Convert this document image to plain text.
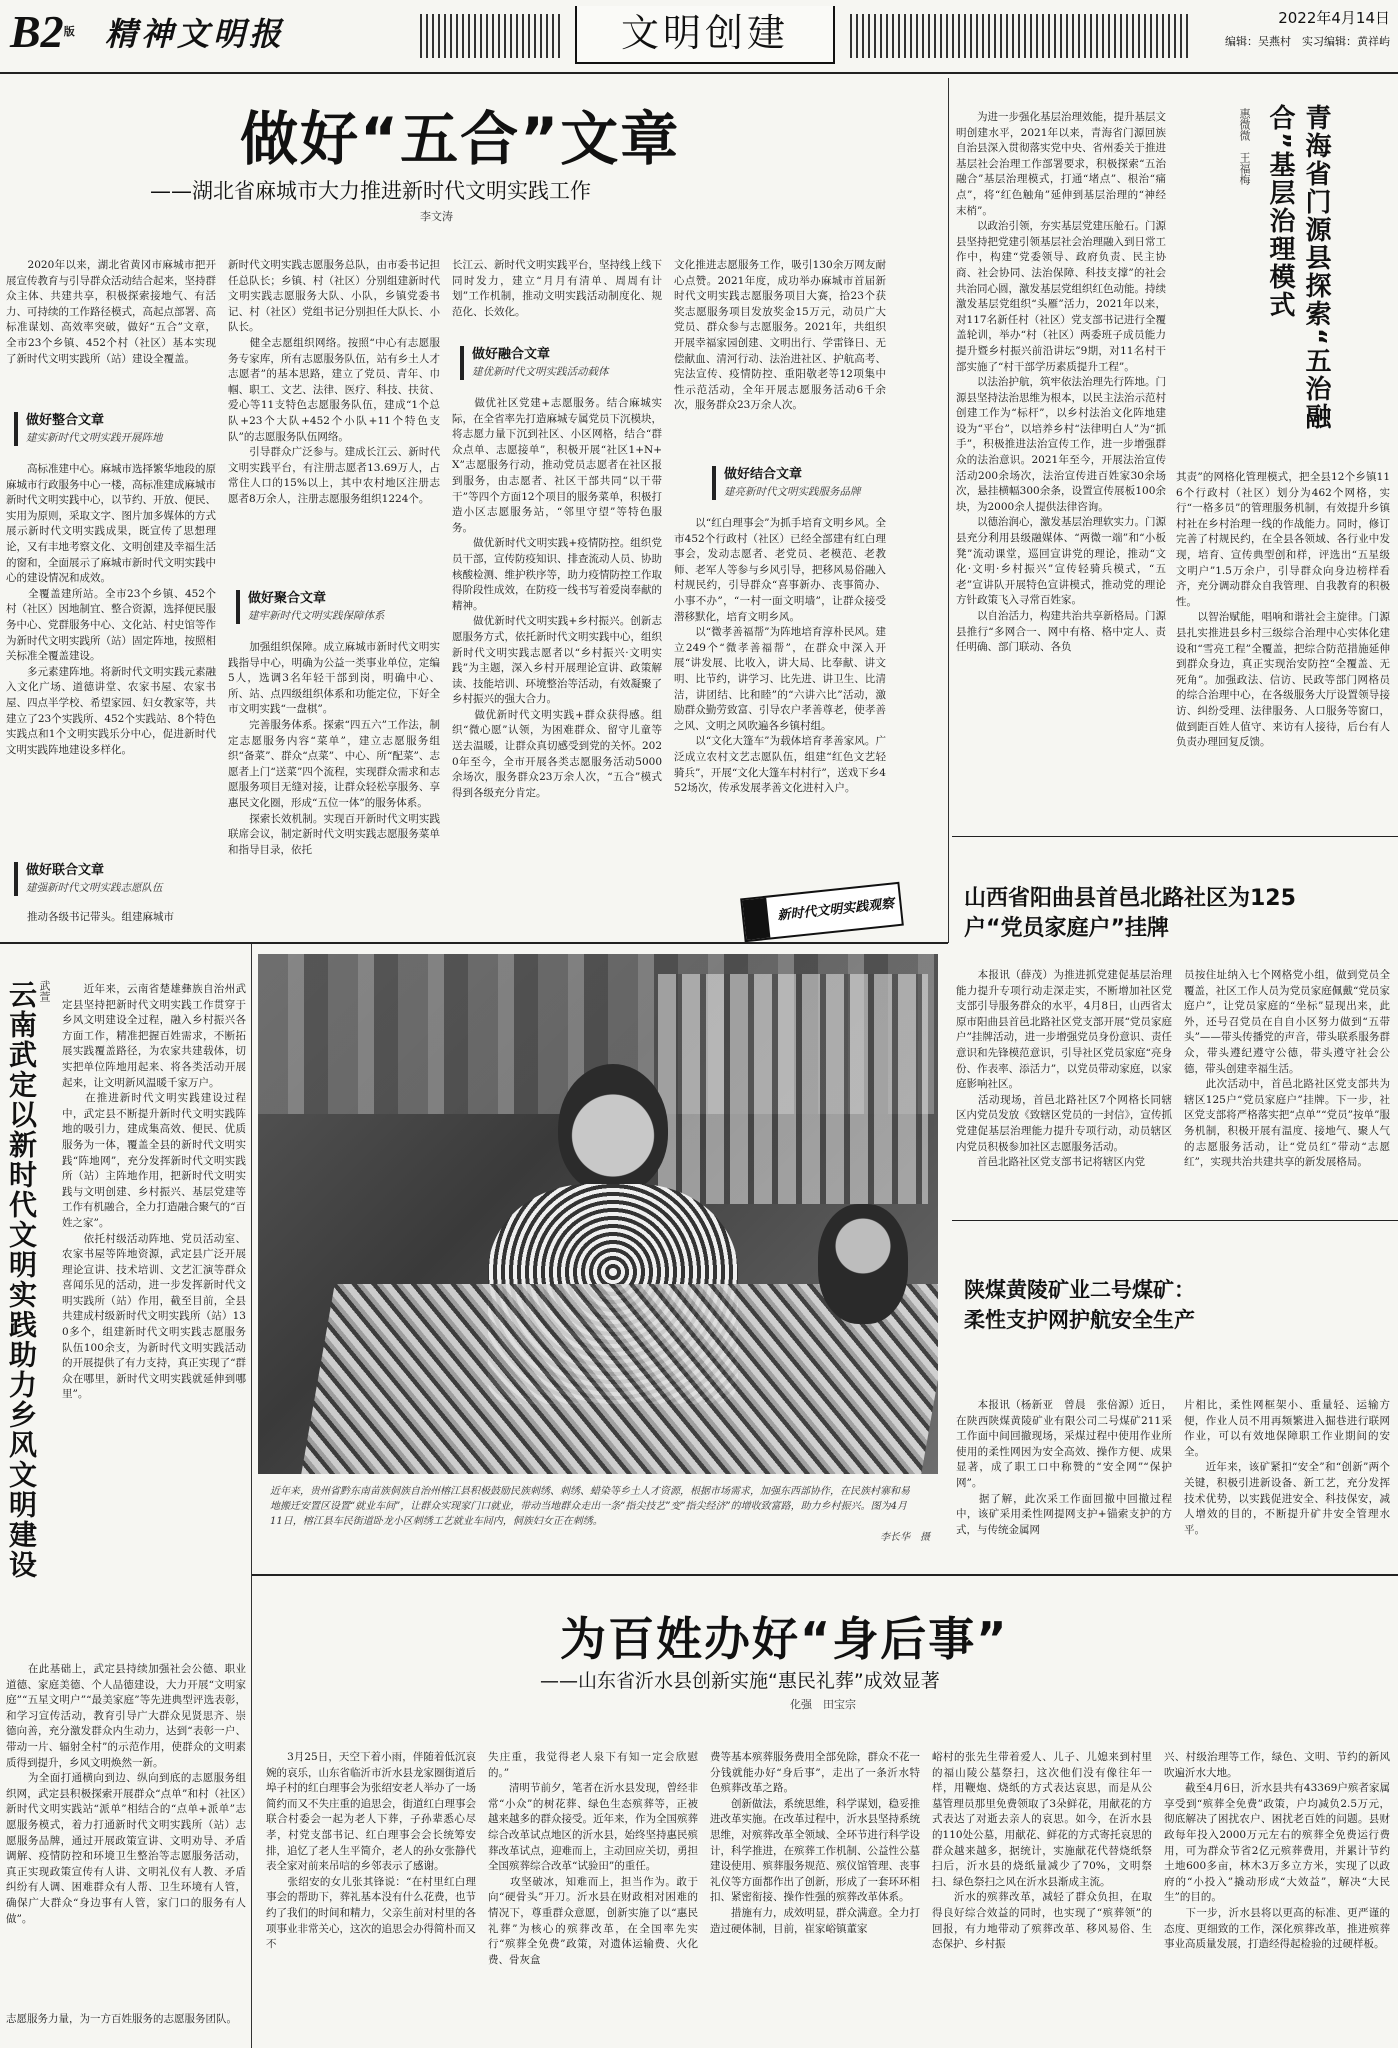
B2版 精神文明报	文明创建	2022年4月14日
编辑：吴燕村　实习编辑：黄祥屿
做好“五合”文章
——湖北省麻城市大力推进新时代文明实践工作
李文涛
　　2020年以来，湖北省黄冈市麻城市把开展宣传教育与引导群众活动结合起来，坚持群众主体、共建共享，积极探索接地气、有活力、可持续的工作路径模式，高起点部署、高标准谋划、高效率突破，做好“五合”文章，全市23个乡镇、452个村（社区）基本实现了新时代文明实践所（站）建设全覆盖。
做好整合文章
建实新时代文明实践开展阵地
　　高标准建中心。麻城市选择繁华地段的原麻城市行政服务中心一楼，高标准建成麻城市新时代文明实践中心，以节约、开放、便民、实用为原则，采取文字、图片加多媒体的方式展示新时代文明实践成果，既宣传了思想理论，又有丰地考察文化、文明创建及幸福生活的窗和，全面展示了麻城市新时代文明实践中心的建设情况和成效。
　　全覆盖建所站。全市23个乡镇、452个村（社区）因地制宜、整合资源，选择便民服务中心、党群服务中心、文化站、村史馆等作为新时代文明实践所（站）固定阵地，按照相关标准全覆盖建设。
　　多元素建阵地。将新时代文明实践元素融入文化广场、道德讲堂、农家书屋、农家书屋、四点半学校、希望家园、妇女教家等，共建立了23个实践所、452个实践站、8个特色实践点和1个文明实践乐分中心，促进新时代文明实践阵地建设多样化。
做好联合文章
建强新时代文明实践志愿队伍
　　推动各级书记带头。组建麻城市
新时代文明实践志愿服务总队，由市委书记担任总队长；乡镇、村（社区）分别组建新时代文明实践志愿服务大队、小队，乡镇党委书记、村（社区）党组书记分别担任大队长、小队长。
　　健全志愿组织网络。按照“中心有志愿服务专家库，所有志愿服务队伍，站有乡土人才志愿者”的基本思路，建立了党员、青年、巾帼、职工、文艺、法律、医疗、科技、扶贫、爱心等11支特色志愿服务队伍，建成“1个总队+23个大队+452个小队+11个特色支队”的志愿服务队伍网络。
　　引导群众广泛参与。建成长江云、新时代文明实践平台，有注册志愿者13.69万人，占常住人口的15%以上，其中农村地区注册志愿者8万余人，注册志愿服务组织1224个。
做好聚合文章
建牢新时代文明实践保障体系
　　加强组织保障。成立麻城市新时代文明实践指导中心，明确为公益一类事业单位，定编5人，选调3名年轻干部到岗，明确中心、所、站、点四级组织体系和功能定位，下好全市文明实践“一盘棋”。
　　完善服务体系。探索“四五六”工作法，制定志愿服务内容“菜单”，建立志愿服务组织“备菜”、群众“点菜”、中心、所“配菜”、志愿者上门“送菜”四个流程，实现群众需求和志愿服务项目无缝对接，让群众轻松享服务、享惠民文化圈，形成“五位一体”的服务体系。
　　探索长效机制。实现百开新时代文明实践联席会议，制定新时代文明实践志愿服务菜单和指导目录，依托
长江云、新时代文明实践平台，坚持线上线下同时发力，建立“月月有清单、周周有计划”工作机制，推动文明实践活动制度化、规范化、长效化。
做好融合文章
建优新时代文明实践活动载体
　　做优社区党建+志愿服务。结合麻城实际，在全省率先打造麻城专属党员下沉模块，将志愿力量下沉到社区、小区网格，结合“群众点单、志愿接单”，积极开展“社区1+N+X”志愿服务行动，推动党员志愿者在社区报到服务，由志愿者、社区干部共同“以干带干”等四个方面12个项目的服务菜单，积极打造小区志愿服务站，“邻里守望”等特色服务。
　　做优新时代文明实践+疫情防控。组织党员干部，宣传防疫知识、排查流动人员、协助核酸检测、维护秩序等，助力疫情防控工作取得阶段性成效，在防疫一线书写着爱岗奉献的精神。
　　做优新时代文明实践+乡村振兴。创新志愿服务方式，依托新时代文明实践中心，组织新时代文明实践志愿者以“乡村振兴·文明实践”为主题，深入乡村开展理论宣讲、政策解读、技能培训、环境整治等活动，有效凝聚了乡村振兴的强大合力。
　　做优新时代文明实践+群众获得感。组织“微心愿”认领，为困难群众、留守儿童等送去温暖，让群众真切感受到党的关怀。2020年至今，全市开展各类志愿服务活动5000余场次，服务群众23万余人次，“五合”模式得到各级充分肯定。
文化推进志愿服务工作，吸引130余万网友耐心点赞。2021年度，成功举办麻城市首届新时代文明实践志愿服务项目大赛，拾23个获奖志愿服务项目发放奖金15万元，动员广大党员、群众参与志愿服务。2021年，共组织开展幸福家园创建、文明出行、学雷锋日、无偿献血、清河行动、法治进社区、护航高考、宪法宣传、疫情防控、重阳敬老等12项集中性示范活动，全年开展志愿服务活动6千余次，服务群众23万余人次。
做好结合文章
建亮新时代文明实践服务品牌
　　以“红白理事会”为抓手培育文明乡风。全市452个行政村（社区）已经全部建有红白理事会，发动志愿者、老党员、老模范、老教师、老军人等参与乡风引导，把移风易俗融入村规民约，引导群众“喜事新办、丧事简办、小事不办”，“一村一面文明墙”，让群众接受潜移默化，培育文明乡风。
　　以“微孝善福帮”为阵地培育淳朴民风。建立249个“微孝善福帮”，在群众中深入开展“讲发展、比收入，讲大局、比奉献、讲文明、比节约，讲学习、比先进、讲卫生、比清洁，讲团结、比和睦”的“六讲六比”活动，激励群众勤劳致富、引导农户孝善尊老，使孝善之风、文明之风吹遍各乡镇村组。
　　以“文化大篷车”为载体培育孝善家风。广泛成立农村文艺志愿队伍，组建“红色文艺轻骑兵”，开展“文化大篷车村村行”，送戏下乡452场次，传承发展孝善文化进村入户。
新时代文明实践观察
青海省门源县探索“五治融合”基层治理模式
惠微微　王福梅
　　为进一步强化基层治理效能，提升基层文明创建水平，2021年以来，青海省门源回族自治县深入贯彻落实党中央、省州委关于推进基层社会治理工作部署要求，积极探索“五治融合”基层治理模式，打通“堵点”、根治“痛点”，将“红色触角”延伸到基层治理的“神经末梢”。
　　以政治引领，夯实基层党建压舱石。门源县坚持把党建引领基层社会治理融入到日常工作中，构建“党委领导、政府负责、民主协商、社会协同、法治保障、科技支撑”的社会共治同心圆，激发基层党组织红色动能。持续激发基层党组织“头雁”活力，2021年以来，对117名新任村（社区）党支部书记进行全覆盖轮训，举办“村（社区）两委班子成员能力提升暨乡村振兴前沿讲坛”9期，对11名村干部实施了“村干部学历素质提升工程”。
　　以法治护航，筑牢依法治理先行阵地。门源县坚持法治思维为根本，以民主法治示范村创建工作为“标杆”，以乡村法治文化阵地建设为“平台”，以培养乡村“法律明白人”为“抓手”，积极推进法治宣传工作，进一步增强群众的法治意识。2021年至今，开展法治宣传活动200余场次，法治宣传进百姓家30余场次，悬挂横幅300余条，设置宣传展板100余块，为2000余人提供法律咨询。
　　以德治润心，激发基层治理软实力。门源县充分利用县级融媒体、“两微一端”和“小板凳”流动课堂，巡回宣讲党的理论，推动“文化·文明·乡村振兴”宣传轻骑兵模式，“五老”宣讲队开展特色宣讲模式，推动党的理论方针政策飞入寻常百姓家。
　　以自治活力，构建共治共享新格局。门源县推行“多网合一、网中有格、格中定人、责任明确、部门联动、各负
其责”的网格化管理模式，把全县12个乡镇116个行政村（社区）划分为462个网格，实行“一格多员”的管理服务机制，有效提升乡镇村社在乡村治理一线的作战能力。同时，修订完善了村规民约，在全县各领域、各行业中发现，培育、宣传典型创和样，评选出“五星级文明户”1.5万余户，引导群众向身边榜样看齐，充分调动群众自我管理、自我教育的积极性。
　　以智治赋能，唱响和谐社会主旋律。门源县扎实推进县乡村三级综合治理中心实体化建设和“雪亮工程”全覆盖，把综合防范措施延伸到群众身边，真正实现治安防控“全覆盖、无死角”。加强政法、信访、民政等部门网格员的综合治理中心，在各级服务大厅设置领导接访、纠纷受理、法律服务、人口服务等窗口，做到距百姓人值守、来访有人接待，后台有人负责办理回复反馈。
山西省阳曲县首邑北路社区为125户“党员家庭户”挂牌
　　本报讯（薛茂）为推进抓党建促基层治理能力提升专项行动走深走实，不断增加社区党支部引导服务群众的水平，4月8日，山西省太原市阳曲县首邑北路社区党支部开展“党员家庭户”挂牌活动，进一步增强党员身份意识、责任意识和先锋模范意识，引导社区党员家庭“亮身份、作表率、添活力”，以党员带动家庭，以家庭影响社区。
　　活动现场，首邑北路社区7个网格长同辖区内党员发放《致辖区党员的一封信》，宣传抓党建促基层治理能力提升专项行动，动员辖区内党员积极参加社区志愿服务活动。
　　首邑北路社区党支部书记将辖区内党
员按住址纳入七个网格党小组，做到党员全覆盖，社区工作人员为党员家庭佩戴“党员家庭户”，让党员家庭的“坐标”显现出来，此外，还号召党员在自自小区努力做到“五带头”——带头传播党的声音，带头联系服务群众，带头遵纪遵守公德，带头遵守社会公德，带头创建幸福生活。
　　此次活动中，首邑北路社区党支部共为辖区125户“党员家庭户”挂牌。下一步，社区党支部将严格落实把“点单”“党员”按单”服务机制，积极开展有温度、接地气、聚人气的志愿服务活动，让“党员红”带动“志愿红”，实现共治共建共享的新发展格局。
陕煤黄陵矿业二号煤矿：
柔性支护网护航安全生产
　　本报讯（杨新亚　曾晨　张倍源）近日，在陕西陕煤黄陵矿业有限公司二号煤矿211采工作面中间回撤现场，采煤过程中使用作业所使用的柔性网因为安全高效、操作方便、成果显著，成了职工口中称赞的“安全网”“保护网”。
　　据了解，此次采工作面回撤中回撤过程中，该矿采用柔性网提网支护+锚索支护的方式，与传统金属网
片相比，柔性网框架小、重量轻、运输方便，作业人员不用再频繁进入掘巷进行联网作业，可以有效地保障职工作业期间的安全。
　　近年来，该矿紧扣“安全”和“创新”两个关键，积极引进新设备、新工艺，充分发挥技术优势，以实践促进安全、科技保安，减人增效的目的，不断提升矿井安全管理水平。
云南武定以新时代文明实践助力乡风文明建设 武萱	　　近年来，云南省楚雄彝族自治州武定县坚持把新时代文明实践工作贯穿于乡风文明建设全过程，融入乡村振兴各方面工作，精准把握百姓需求，不断拓展实践覆盖路径，为农家共建载体，切实把单位阵地用起来、将各类活动开展起来，让文明新风温暖千家万户。
　　在推进新时代文明实践建设过程中，武定县不断提升新时代文明实践阵地的吸引力，建成集高效、便民、优质服务为一体，覆盖全县的新时代文明实践“阵地网”，充分发挥新时代文明实践所（站）主阵地作用，把新时代文明实践与文明创建、乡村振兴、基层党建等工作有机融合，全力打造融合聚气的“百姓之家”。
　　依托村级活动阵地、党员活动室、农家书屋等阵地资源，武定县广泛开展理论宣讲、技术培训、文艺汇演等群众喜闻乐见的活动，进一步发挥新时代文明实践所（站）作用，截至目前，全县共建成村级新时代文明实践所（站）130多个，组建新时代文明实践志愿服务队伍100余支，为新时代文明实践活动的开展提供了有力支持，真正实现了“群众在哪里，新时代文明实践就延伸到哪里”。
　　在此基础上，武定县持续加强社会公德、职业道德、家庭美德、个人品德建设，大力开展“文明家庭”“五星文明户”“最美家庭”等先进典型评选表彰，和学习宣传活动，教育引导广大群众见贤思齐、崇德向善，充分激发群众内生动力，达到“表彰一户、带动一片、辐射全村”的示范作用，使群众的文明素质得到提升，乡风文明焕然一新。
　　为全面打通横向到边、纵向到底的志愿服务组织网，武定县积极探索开展群众“点单”和村（社区）新时代文明实践站“派单”相结合的“点单+派单”志愿服务模式，着力打通新时代文明实践所（站）志愿服务品牌，通过开展政策宣讲、文明劝导、矛盾调解、疫情防控和环境卫生整治等志愿服务活动，真正实现政策宣传有人讲、文明礼仪有人教、矛盾纠纷有人调、困难群众有人帮、卫生环境有人管，确保广大群众“身边事有人管，家门口的服务有人做”。
志愿服务力量，为一方百姓服务的志愿服务团队。
近年来，贵州省黔东南苗族侗族自治州榕江县积极鼓励民族刺绣、刺绣、蜡染等乡土人才资源，根据市场需求，加强东西部协作，在民族村寨和易地搬迁安置区设置“就业车间”，让群众实现家门口就业，带动当地群众走出一条“指尖技艺”变“指尖经济”的增收致富路，助力乡村振兴。图为4月11日，榕江县车民街道卧龙小区刺绣工艺就业车间内，侗族妇女正在刺绣。
李长华　摄
为百姓办好“身后事”
——山东省沂水县创新实施“惠民礼葬”成效显著
化强　田宝宗
　　3月25日，天空下着小雨，伴随着低沉哀婉的哀乐，山东省临沂市沂水县龙家圈街道后埠子村的红白理事会为张绍安老人举办了一场简约而又不失庄重的追思会，街道红白理事会联合村委会一起为老人下葬，子孙辈悉心尽孝，村党支部书记、红白理事会会长统筹安排，追忆了老人生平简介，老人的孙女张静代表全家对前来吊唁的乡邻表示了感谢。
　　张绍安的女儿张其锋说：“在村里红白理事会的帮助下，葬礼基本没有什么花费，也节约了我们的时间和精力，父亲生前对村里的各项事业非常关心，这次的追思会办得简朴而又不
失庄重，我觉得老人泉下有知一定会欣慰的。”
　　清明节前夕，笔者在沂水县发现，曾经非常“小众”的树花葬、绿色生态殡葬等，正被越来越多的群众接受。近年来，作为全国殡葬综合改革试点地区的沂水县，始终坚持惠民殡葬改革试点，迎难而上，主动回应关切，勇担全国殡葬综合改革“试验田”的重任。
　　攻坚破冰，知难而上，担当作为。敢于向“硬骨头”开刀。沂水县在财政相对困难的情况下，尊重群众意愿，创新实施了以“惠民礼葬”为核心的殡葬改革，在全国率先实行“殡葬全免费”政策，对遗体运输费、火化费、骨灰盒
费等基本殡葬服务费用全部免除，群众不花一分钱就能办好“身后事”，走出了一条沂水特色殡葬改革之路。
　　创新做法，系统思维，科学谋划，稳妥推进改革实施。在改革过程中，沂水县坚持系统思维，对殡葬改革全领域、全环节进行科学设计，科学推进，在殡葬工作机制、公益性公墓建设使用、殡葬服务规范、殡仪馆管理、丧事礼仪等方面都作出了创新，形成了一套环环相扣、紧密衔接、操作性强的殡葬改革体系。
　　措施有力，成效明显，群众满意。全力打造过硬体制，目前，崔家峪镇董家
峪村的张先生带着爱人、儿子、儿媳来到村里的福山陵公墓祭扫，这次他们没有像往年一样，用鞭炮、烧纸的方式表达哀思，而是从公墓管理员那里免费领取了3朵鲜花，用献花的方式表达了对逝去亲人的哀思。如今，在沂水县的110处公墓，用献花、鲜花的方式寄托哀思的群众越来越多，据统计，实施献花代替烧纸祭扫后，沂水县的烧纸量减少了70%，文明祭扫、绿色祭扫之风在沂水县渐成主流。
　　沂水的殡葬改革，减轻了群众负担，在取得良好综合效益的同时，也实现了“殡葬领”的回报，有力地带动了殡葬改革、移风易俗、生态保护、乡村振
兴、村级治理等工作，绿色、文明、节约的新风吹遍沂水大地。
　　截至4月6日，沂水县共有43369户殡者家属享受到“殡葬全免费”政策，户均减负2.5万元，彻底解决了困扰农户、困扰老百姓的问题。县财政每年投入2000万元左右的殡葬全免费运行费用，可为群众节省2亿元殡葬费用，并累计节约土地600多亩，林木3万多立方米，实现了以政府的“小投入”撬动形成“大效益”，解决“大民生”的目的。
　　下一步，沂水县将以更高的标准、更严谨的态度、更细致的工作，深化殡葬改革，推进殡葬事业高质量发展，打造经得起检验的过硬样板。
